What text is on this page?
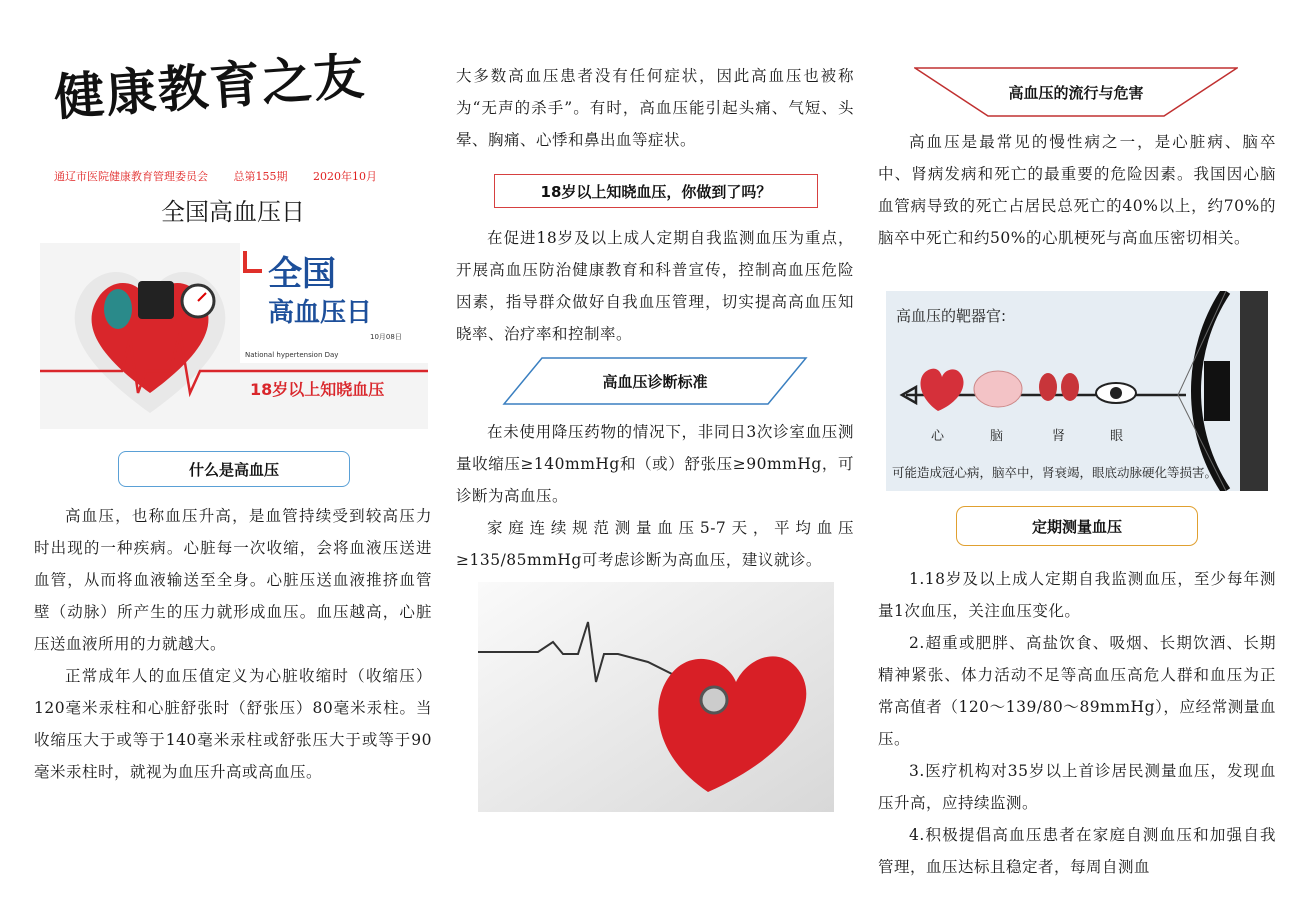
健康教育之友
通辽市医院健康教育管理委员会 总第155期 2020年10月
全国高血压日
全国
高血压日
10月08日
National hypertension Day
18岁以上知晓血压
什么是高血压

高血压，也称血压升高，是血管持续受到较高压力时出现的一种疾病。心脏每一次收缩，会将血液压送进血管，从而将血液输送至全身。心脏压送血液推挤血管壁（动脉）所产生的压力就形成血压。血压越高，心脏压送血液所用的力就越大。

正常成年人的血压值定义为心脏收缩时（收缩压）120毫米汞柱和心脏舒张时（舒张压）80毫米汞柱。当收缩压大于或等于140毫米汞柱或舒张压大于或等于90毫米汞柱时，就视为血压升高或高血压。

大多数高血压患者没有任何症状，因此高血压也被称为“无声的杀手”。有时，高血压能引起头痛、气短、头晕、胸痛、心悸和鼻出血等症状。

18岁以上知晓血压，你做到了吗？

在促进18岁及以上成人定期自我监测血压为重点，开展高血压防治健康教育和科普宣传，控制高血压危险因素，指导群众做好自我血压管理，切实提高高血压知晓率、治疗率和控制率。

高血压诊断标准

在未使用降压药物的情况下，非同日3次诊室血压测量收缩压≥140mmHg和（或）舒张压≥90mmHg，可诊断为高血压。

家庭连续规范测量血压5-7天，平均血压≥135/85mmHg可考虑诊断为高血压，建议就诊。

高血压的流行与危害

高血压是最常见的慢性病之一，是心脏病、脑卒中、肾病发病和死亡的最重要的危险因素。我国因心脑血管病导致的死亡占居民总死亡的40%以上，约70%的脑卒中死亡和约50%的心肌梗死与高血压密切相关。

高血压的靶器官:
心	脑	肾	眼
可能造成冠心病，脑卒中，肾衰竭，眼底动脉硬化等损害。
定期测量血压

1.18岁及以上成人定期自我监测血压，至少每年测量1次血压，关注血压变化。

2.超重或肥胖、高盐饮食、吸烟、长期饮酒、长期精神紧张、体力活动不足等高血压高危人群和血压为正常高值者（120～139/80～89mmHg），应经常测量血压。

3.医疗机构对35岁以上首诊居民测量血压，发现血压升高，应持续监测。

4.积极提倡高血压患者在家庭自测血压和加强自我管理，血压达标且稳定者，每周自测血
